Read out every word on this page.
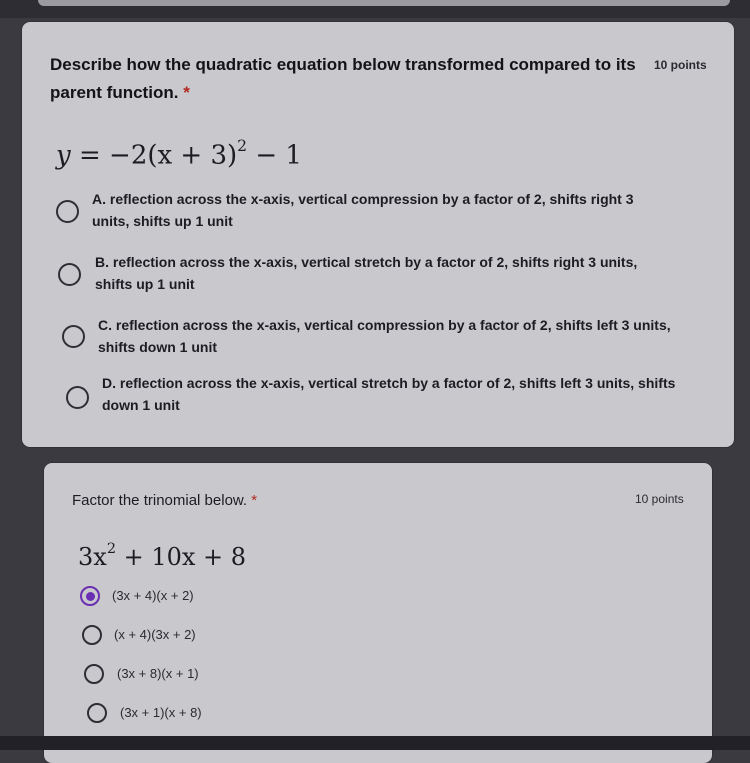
Describe how the quadratic equation below transformed compared to its
parent function. *
10 points
$y = -2(x + 3)^2 - 1$
A. reflection across the x-axis, vertical compression by a factor of 2, shifts right 3
units, shifts up 1 unit
B. reflection across the x-axis, vertical stretch by a factor of 2, shifts right 3 units,
shifts up 1 unit
C. reflection across the x-axis, vertical compression by a factor of 2, shifts left 3 units,
shifts down 1 unit
D. reflection across the x-axis, vertical stretch by a factor of 2, shifts left 3 units, shifts
down 1 unit
Factor the trinomial below. *	10 points
$3x^2 + 10x + 8$
(3x + 4)(x + 2)
(x + 4)(3x + 2)
(3x + 8)(x + 1)
(3x + 1)(x + 8)
